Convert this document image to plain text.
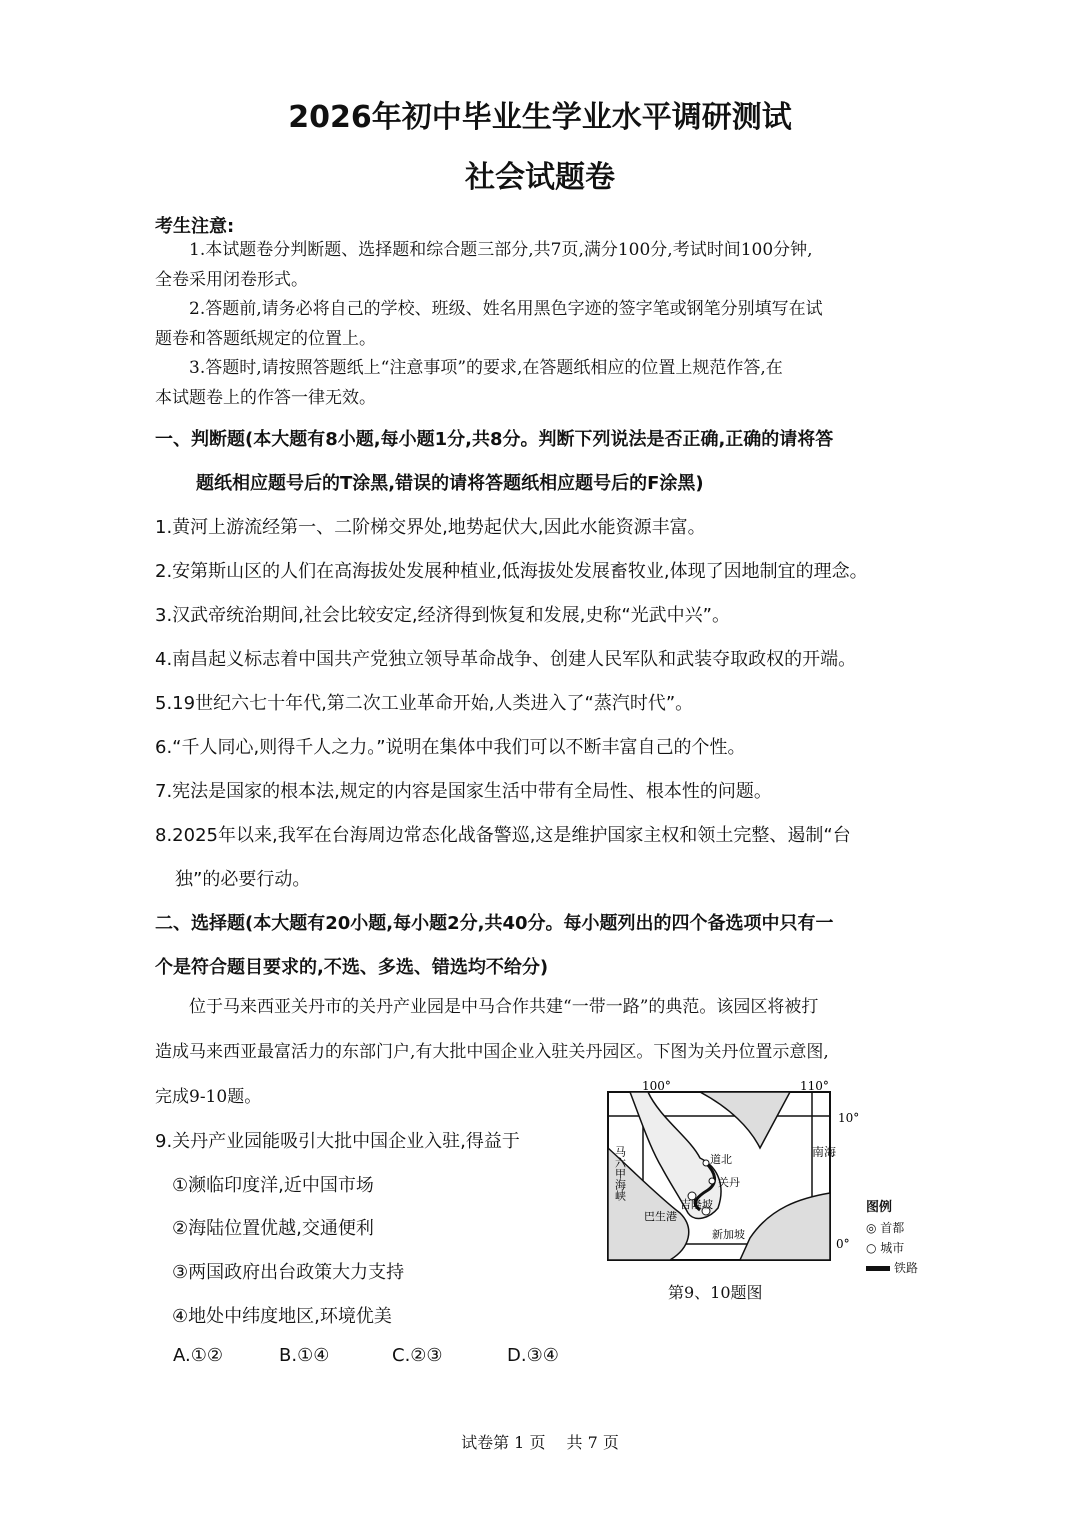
2026年初中毕业生学业水平调研测试
社会试题卷
考生注意:
1.本试题卷分判断题、选择题和综合题三部分,共7页,满分100分,考试时间100分钟,
全卷采用闭卷形式。
2.答题前,请务必将自己的学校、班级、姓名用黑色字迹的签字笔或钢笔分别填写在试
题卷和答题纸规定的位置上。
3.答题时,请按照答题纸上“注意事项”的要求,在答题纸相应的位置上规范作答,在
本试题卷上的作答一律无效。
一、判断题(本大题有8小题,每小题1分,共8分。判断下列说法是否正确,正确的请将答
题纸相应题号后的T涂黑,错误的请将答题纸相应题号后的F涂黑)
1.黄河上游流经第一、二阶梯交界处,地势起伏大,因此水能资源丰富。
2.安第斯山区的人们在高海拔处发展种植业,低海拔处发展畜牧业,体现了因地制宜的理念。
3.汉武帝统治期间,社会比较安定,经济得到恢复和发展,史称“光武中兴”。
4.南昌起义标志着中国共产党独立领导革命战争、创建人民军队和武装夺取政权的开端。
5.19世纪六七十年代,第二次工业革命开始,人类进入了“蒸汽时代”。
6.“千人同心,则得千人之力。”说明在集体中我们可以不断丰富自己的个性。
7.宪法是国家的根本法,规定的内容是国家生活中带有全局性、根本性的问题。
8.2025年以来,我军在台海周边常态化战备警巡,这是维护国家主权和领土完整、遏制“台
独”的必要行动。
二、选择题(本大题有20小题,每小题2分,共40分。每小题列出的四个备选项中只有一
个是符合题目要求的,不选、多选、错选均不给分)
位于马来西亚关丹市的关丹产业园是中马合作共建“一带一路”的典范。该园区将被打
造成马来西亚最富活力的东部门户,有大批中国企业入驻关丹园区。下图为关丹位置示意图,
完成9-10题。
9.关丹产业园能吸引大批中国企业入驻,得益于
①濒临印度洋,近中国市场
②海陆位置优越,交通便利
③两国政府出台政策大力支持
④地处中纬度地区,环境优美
A.①②	B.①④	C.②③	D.③④
100°	110°
10°
0°
南海
马六甲海峡	道北
关丹
吉隆坡
巴生港
新加坡
图例
◎ 首都
○ 城市
铁路
第9、10题图
试卷第 1 页　 共 7 页
